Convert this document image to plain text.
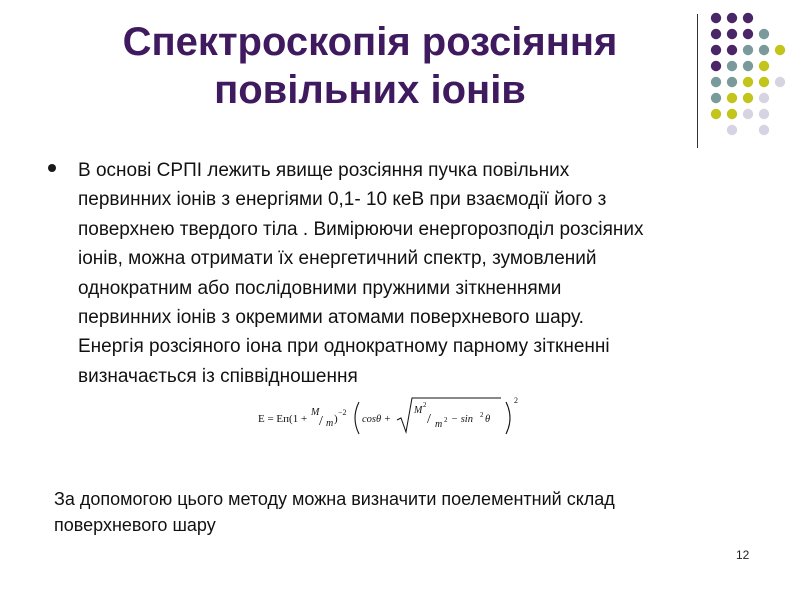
Спектроскопія розсіяння
повільних іонів
В основі СРПІ лежить явище розсіяння пучка повільних
первинних іонів з енергіями 0,1- 10 кеВ при взаємодії його з
поверхнею твердого тіла . Вимірюючи енергорозподіл розсіяних
іонів, можна отримати їх енергетичний спектр, зумовлений
однократним або послідовними пружними зіткненнями
первинних іонів з окремими атомами поверхневого шару.
Енергія розсіяного іона при однократному парному зіткненні
визначається із співвідношення
E = Eп(1 +
M
/ m )
−2
cosθ +
M 2
/ m 2 − sin 2 θ
2
За допомогою цього методу можна визначити поелементний склад
поверхневого шару
12
